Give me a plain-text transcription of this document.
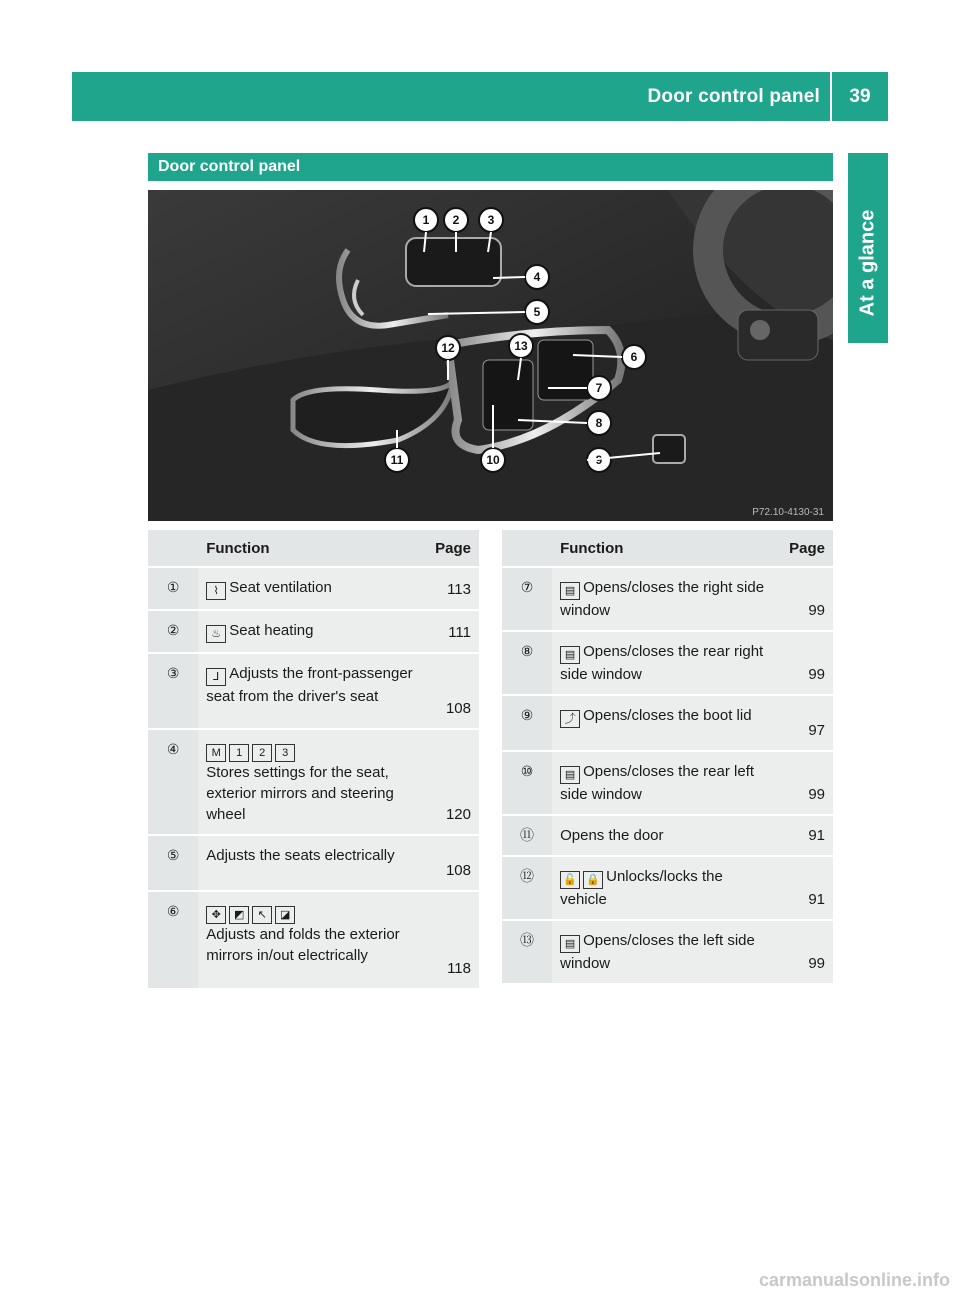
Door control panel	39
At a glance
Door control panel
1 2 3
4
5
6
7
8
9
10
11
12	13
P72.10-4130-31
	Function	Page
①	⌇ Seat ventilation	113
②	♨ Seat heating	111
③	⅃ Adjusts the front-passenger seat from the driver's seat	108
④	M 1 2 3
Stores settings for the seat, exterior mirrors and steering wheel	120
⑤	Adjusts the seats electrically	108
⑥	✥ ◩ ↖ ◪
Adjusts and folds the exterior mirrors in/out electrically	118
	Function	Page
⑦	▤ Opens/closes the right side window	99
⑧	▤ Opens/closes the rear right side window	99
⑨	⤴ Opens/closes the boot lid	97
⑩	▤ Opens/closes the rear left side window	99
⑪	Opens the door	91
⑫	🔓 🔒 Unlocks/locks the vehicle	91
⑬	▤ Opens/closes the left side window	99
carmanualsonline.info
